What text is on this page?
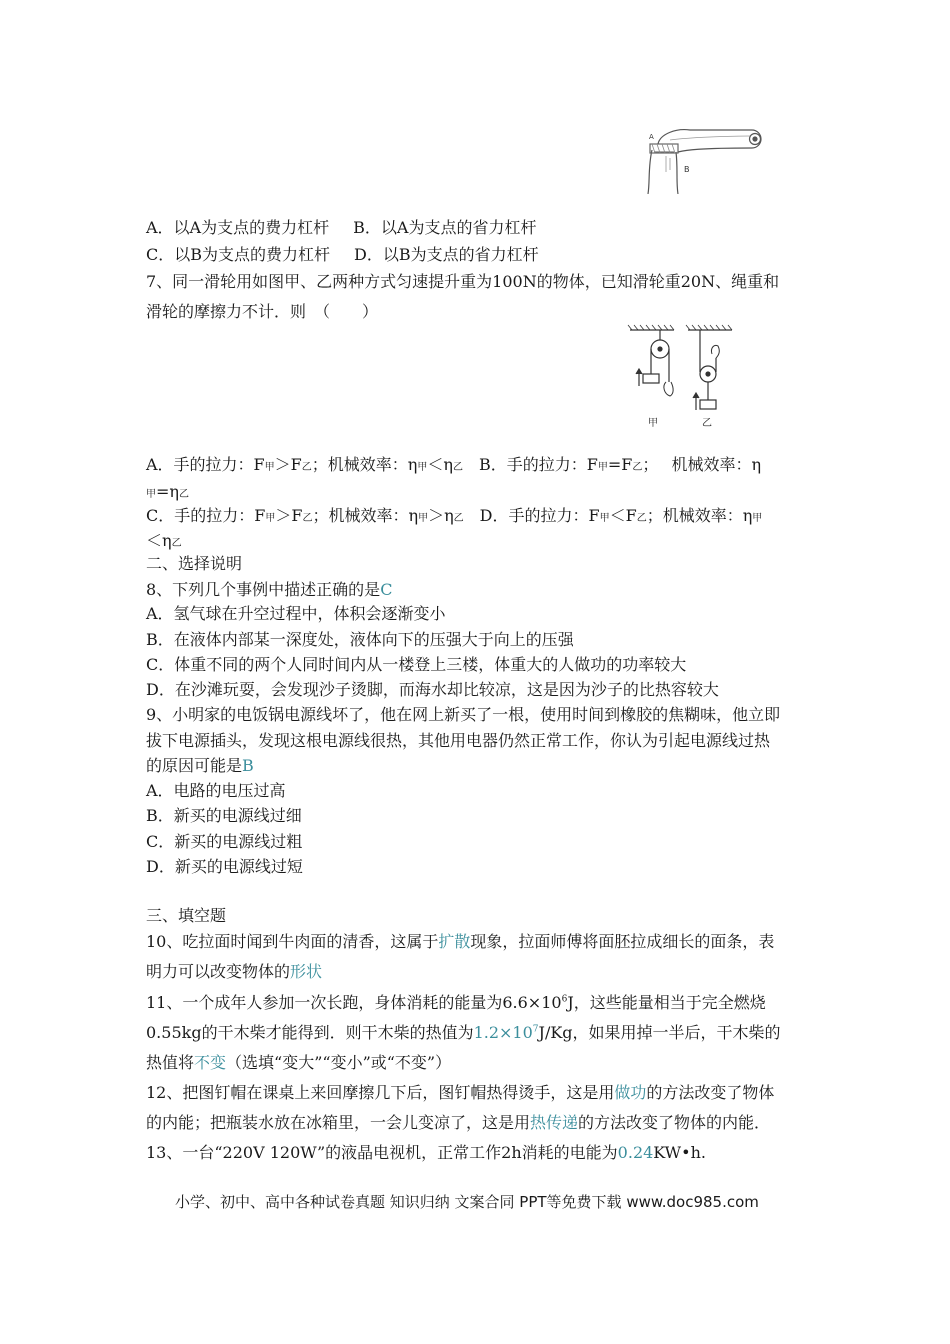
A
B
A．以A为支点的费力杠杆 B．以A为支点的省力杠杆
C．以B为支点的费力杠杆 D．以B为支点的省力杠杆
7、同一滑轮用如图甲、乙两种方式匀速提升重为100N的物体，已知滑轮重20N、绳重和
滑轮的摩擦力不计．则　（　　）
甲	乙
A．手的拉力：F甲＞F乙；机械效率：η甲＜η乙 B．手的拉力：F甲=F乙；　 机械效率：η
甲=η乙
C．手的拉力：F甲＞F乙；机械效率：η甲＞η乙 D．手的拉力：F甲＜F乙；机械效率：η甲
＜η乙
二、选择说明
8、下列几个事例中描述正确的是C
A．氢气球在升空过程中，体积会逐渐变小
B．在液体内部某一深度处，液体向下的压强大于向上的压强
C．体重不同的两个人同时间内从一楼登上三楼，体重大的人做功的功率较大
D．在沙滩玩耍，会发现沙子烫脚，而海水却比较凉，这是因为沙子的比热容较大
9、小明家的电饭锅电源线坏了，他在网上新买了一根，使用时间到橡胶的焦糊味，他立即
拔下电源插头，发现这根电源线很热，其他用电器仍然正常工作，你认为引起电源线过热
的原因可能是B
A．电路的电压过高
B．新买的电源线过细
C．新买的电源线过粗
D．新买的电源线过短
三、填空题
10、吃拉面时闻到牛肉面的清香，这属于扩散现象，拉面师傅将面胚拉成细长的面条，表
明力可以改变物体的形状
11、一个成年人参加一次长跑，身体消耗的能量为$6.6\times 10^6J$，这些能量相当于完全燃烧
0.55kg的干木柴才能得到．则干木柴的热值为$1.2\times 10^7J/Kg$，如果用掉一半后，干木柴的
热值将不变（选填“变大”“变小”或“不变”）
12、把图钉帽在课桌上来回摩擦几下后，图钉帽热得烫手，这是用做功的方法改变了物体
的内能；把瓶装水放在冰箱里，一会儿变凉了，这是用热传递的方法改变了物体的内能．
13、一台“220V 120W”的液晶电视机，正常工作2h消耗的电能为0.24KW•h.
小学、初中、高中各种试卷真题 知识归纳 文案合同 PPT等免费下载 www.doc985.com
